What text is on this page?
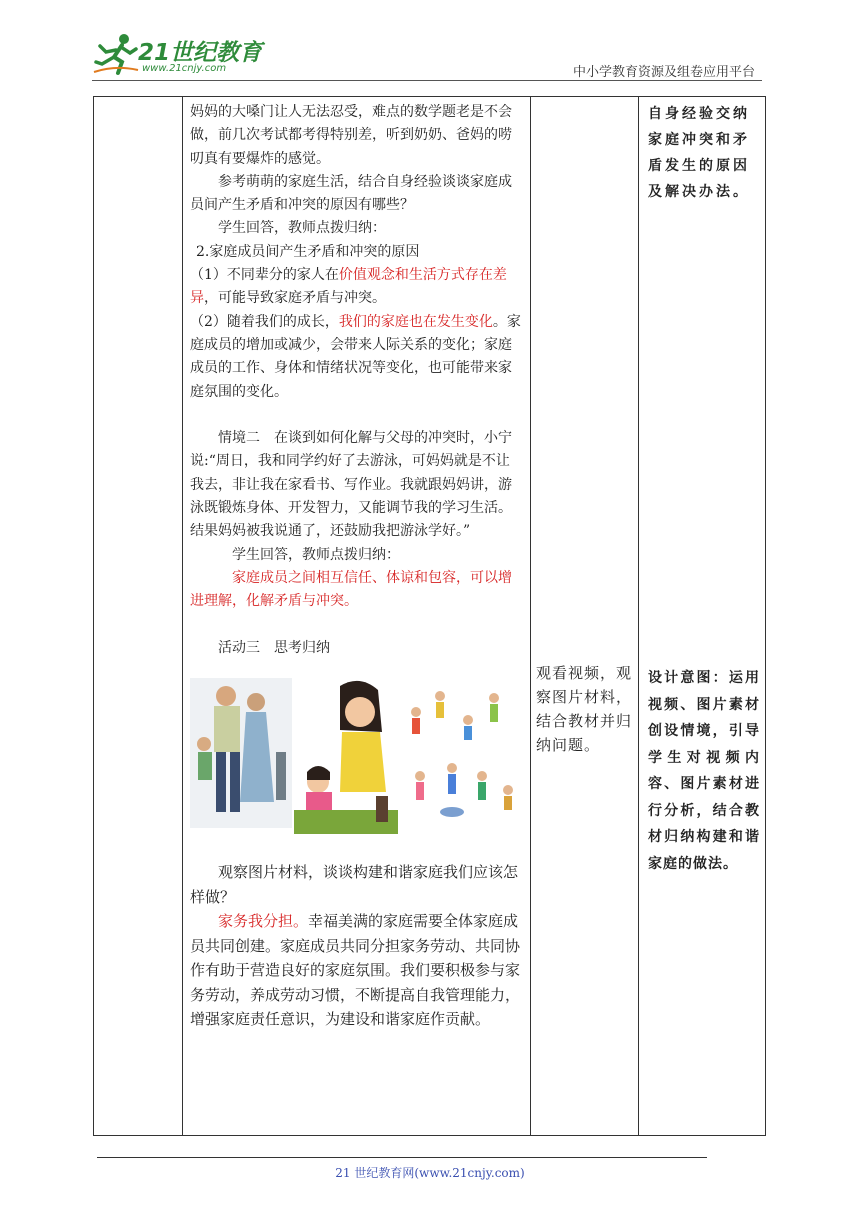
21世纪教育
www.21cnjy.com	中小学教育资源及组卷应用平台

妈妈的大嗓门让人无法忍受，难点的数学题老是不会做，前几次考试都考得特别差，听到奶奶、爸妈的唠叨真有要爆炸的感觉。

参考萌萌的家庭生活，结合自身经验谈谈家庭成员间产生矛盾和冲突的原因有哪些？

学生回答，教师点拨归纳：

2.家庭成员间产生矛盾和冲突的原因

（1）不同辈分的家人在价值观念和生活方式存在差异，可能导致家庭矛盾与冲突。

（2）随着我们的成长，我们的家庭也在发生变化。家庭成员的增加或减少，会带来人际关系的变化；家庭成员的工作、身体和情绪状况等变化，也可能带来家庭氛围的变化。

情境二　在谈到如何化解与父母的冲突时，小宁说:“周日，我和同学约好了去游泳，可妈妈就是不让我去，非让我在家看书、写作业。我就跟妈妈讲，游泳既锻炼身体、开发智力，又能调节我的学习生活。结果妈妈被我说通了，还鼓励我把游泳学好。”

学生回答，教师点拨归纳：

家庭成员之间相互信任、体谅和包容，可以增进理解，化解矛盾与冲突。

活动三　思考归纳

观看视频，观察图片材料，结合教材并归纳问题。
自身经验交纳家庭冲突和矛盾发生的原因及解决办法。
设计意图：运用视频、图片素材创设情境，引导学生对视频内容、图片素材进行分析，结合教材归纳构建和谐家庭的做法。

观察图片材料，谈谈构建和谐家庭我们应该怎样做？

家务我分担。幸福美满的家庭需要全体家庭成员共同创建。家庭成员共同分担家务劳动、共同协作有助于营造良好的家庭氛围。我们要积极参与家务劳动，养成劳动习惯，不断提高自我管理能力，增强家庭责任意识，为建设和谐家庭作贡献。

21 世纪教育网(www.21cnjy.com)
